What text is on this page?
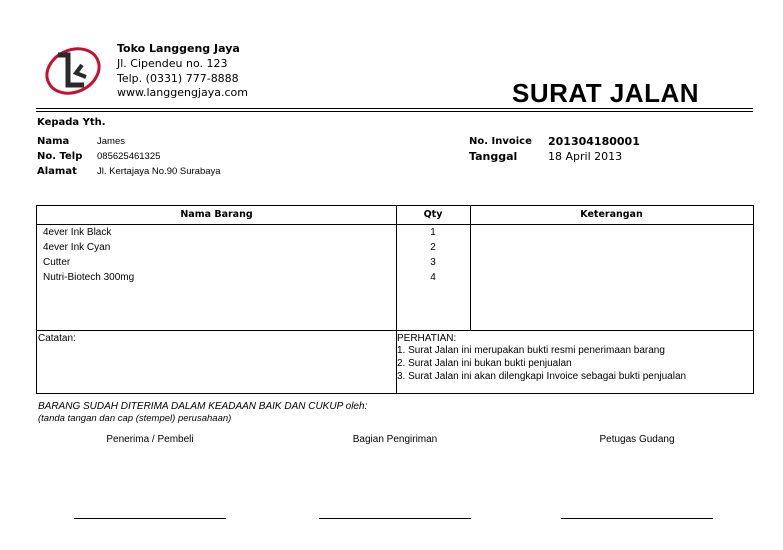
Toko Langgeng Jaya
Jl. Cipendeu no. 123
Telp. (0331) 777-8888
www.langgengjaya.com	SURAT JALAN
Kepada Yth.
Nama	James
No. Telp 085625461325
Alamat Jl. Kertajaya No.90 Surabaya
No. Invoice 201304180001
Tanggal	18 April 2013
Nama Barang	Qty	Keterangan
4ever Ink Black	1
4ever Ink Cyan	2
Cutter	3
Nutri-Biotech 300mg	4
Catatan:	PERHATIAN:
1. Surat Jalan ini merupakan bukti resmi penerimaan barang
2. Surat Jalan ini bukan bukti penjualan
3. Surat Jalan ini akan dilengkapi Invoice sebagai bukti penjualan
BARANG SUDAH DITERIMA DALAM KEADAAN BAIK DAN CUKUP oleh:
(tanda tangan dan cap (stempel) perusahaan)
Penerima / Pembeli	Bagian Pengiriman	Petugas Gudang
